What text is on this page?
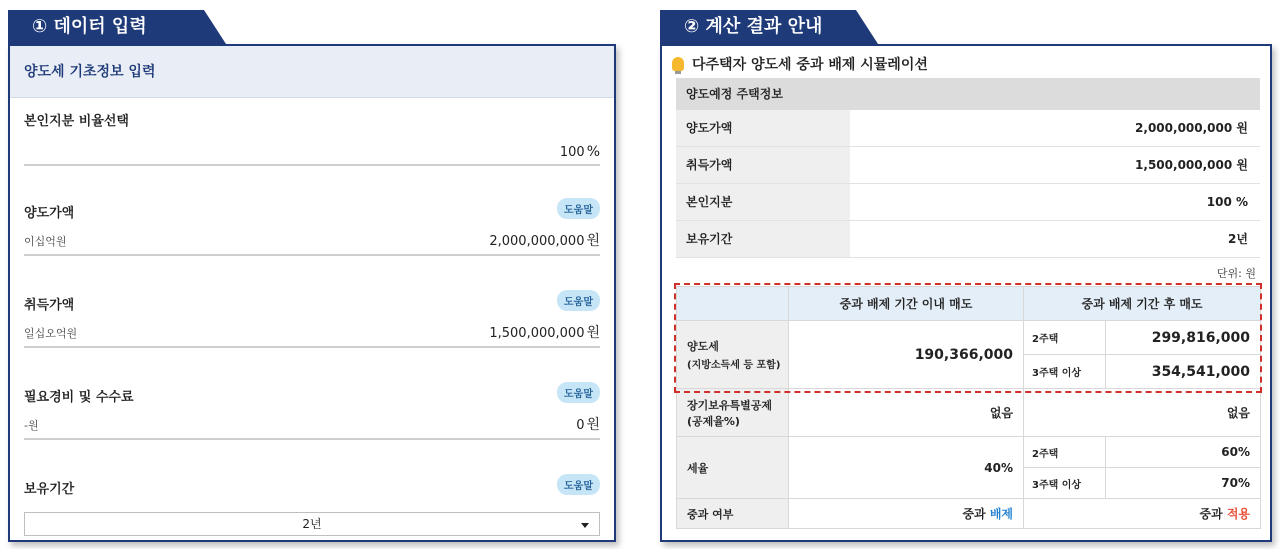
① 데이터 입력
양도세 기초정보 입력
본인지분 비율선택
100 %
양도가액	도움말
이십억원	2,000,000,000 원
취득가액	도움말
일십오억원	1,500,000,000 원
필요경비 및 수수료	도움말
-원	0 원
보유기간	도움말
2년
② 계산 결과 안내
다주택자 양도세 중과 배제 시뮬레이션
양도예정 주택정보
양도가액	2,000,000,000 원
취득가액	1,500,000,000 원
본인지분	100 %
보유기간	2년
단위: 원
	중과 배제 기간 이내 매도	중과 배제 기간 후 매도	

양도세
(지방소득세 등 포함)	190,366,000	2주택	299,816,000
		3주택 이상	354,541,000

장기보유특별공제
(공제율%)	없음	없음	
세율	40%	2주택	60%
		3주택 이상	70%
중과 여부	중과 배제	중과 적용	
